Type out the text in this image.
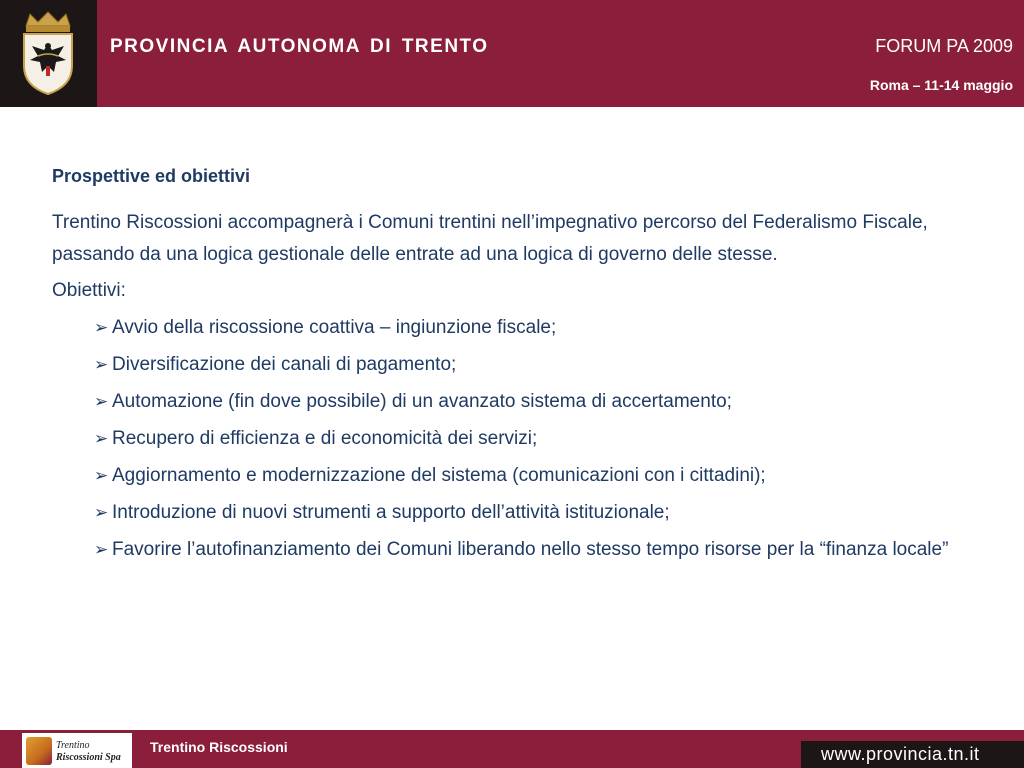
PROVINCIA AUTONOMA DI TRENTO	FORUM PA 2009
Roma – 11-14 maggio
Prospettive ed obiettivi

Trentino Riscossioni accompagnerà i Comuni trentini nell’impegnativo percorso del Federalismo Fiscale, passando da una logica gestionale delle entrate ad una logica di governo delle stesse.

Obiettivi:
➢ Avvio della riscossione coattiva – ingiunzione fiscale;
➢ Diversificazione dei canali di pagamento;
➢ Automazione (fin dove possibile) di un avanzato sistema di accertamento;
➢ Recupero di efficienza e di economicità dei servizi;
➢ Aggiornamento e modernizzazione del sistema (comunicazioni con i cittadini);
➢ Introduzione di nuovi strumenti a supporto dell’attività istituzionale;
➢ Favorire l’autofinanziamento dei Comuni liberando nello stesso tempo risorse per la “finanza locale”
Trentino
Riscossioni Spa
Trentino Riscossioni	www.provincia.tn.it
